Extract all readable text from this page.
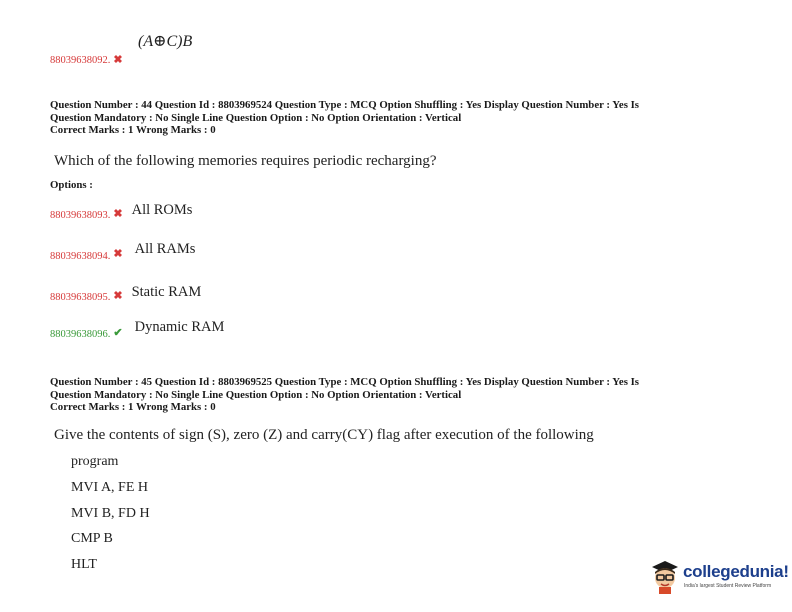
(A⊕C)B
88039638092. ✖
Question Number : 44 Question Id : 8803969524 Question Type : MCQ Option Shuffling : Yes Display Question Number : Yes Is
Question Mandatory : No Single Line Question Option : No Option Orientation : Vertical
Correct Marks : 1 Wrong Marks : 0
Which of the following memories requires periodic recharging?
Options :
$_{88039638093.}$ ✖ All ROMs
$_{88039638094.}$ $_✖$ All RAMs
$_{88039638095.}$ ✖ Static RAM
$_{88039638096.}$ $_✔$ Dynamic RAM
Question Number : 45 Question Id : 8803969525 Question Type : MCQ Option Shuffling : Yes Display Question Number : Yes Is
Question Mandatory : No Single Line Question Option : No Option Orientation : Vertical
Correct Marks : 1 Wrong Marks : 0
Give the contents of sign (S), zero (Z) and carry(CY) flag after execution of the following
program
MVI A, FE H
MVI B, FD H
CMP B
HLT	collegedunia!
India's largest Student Review Platform
